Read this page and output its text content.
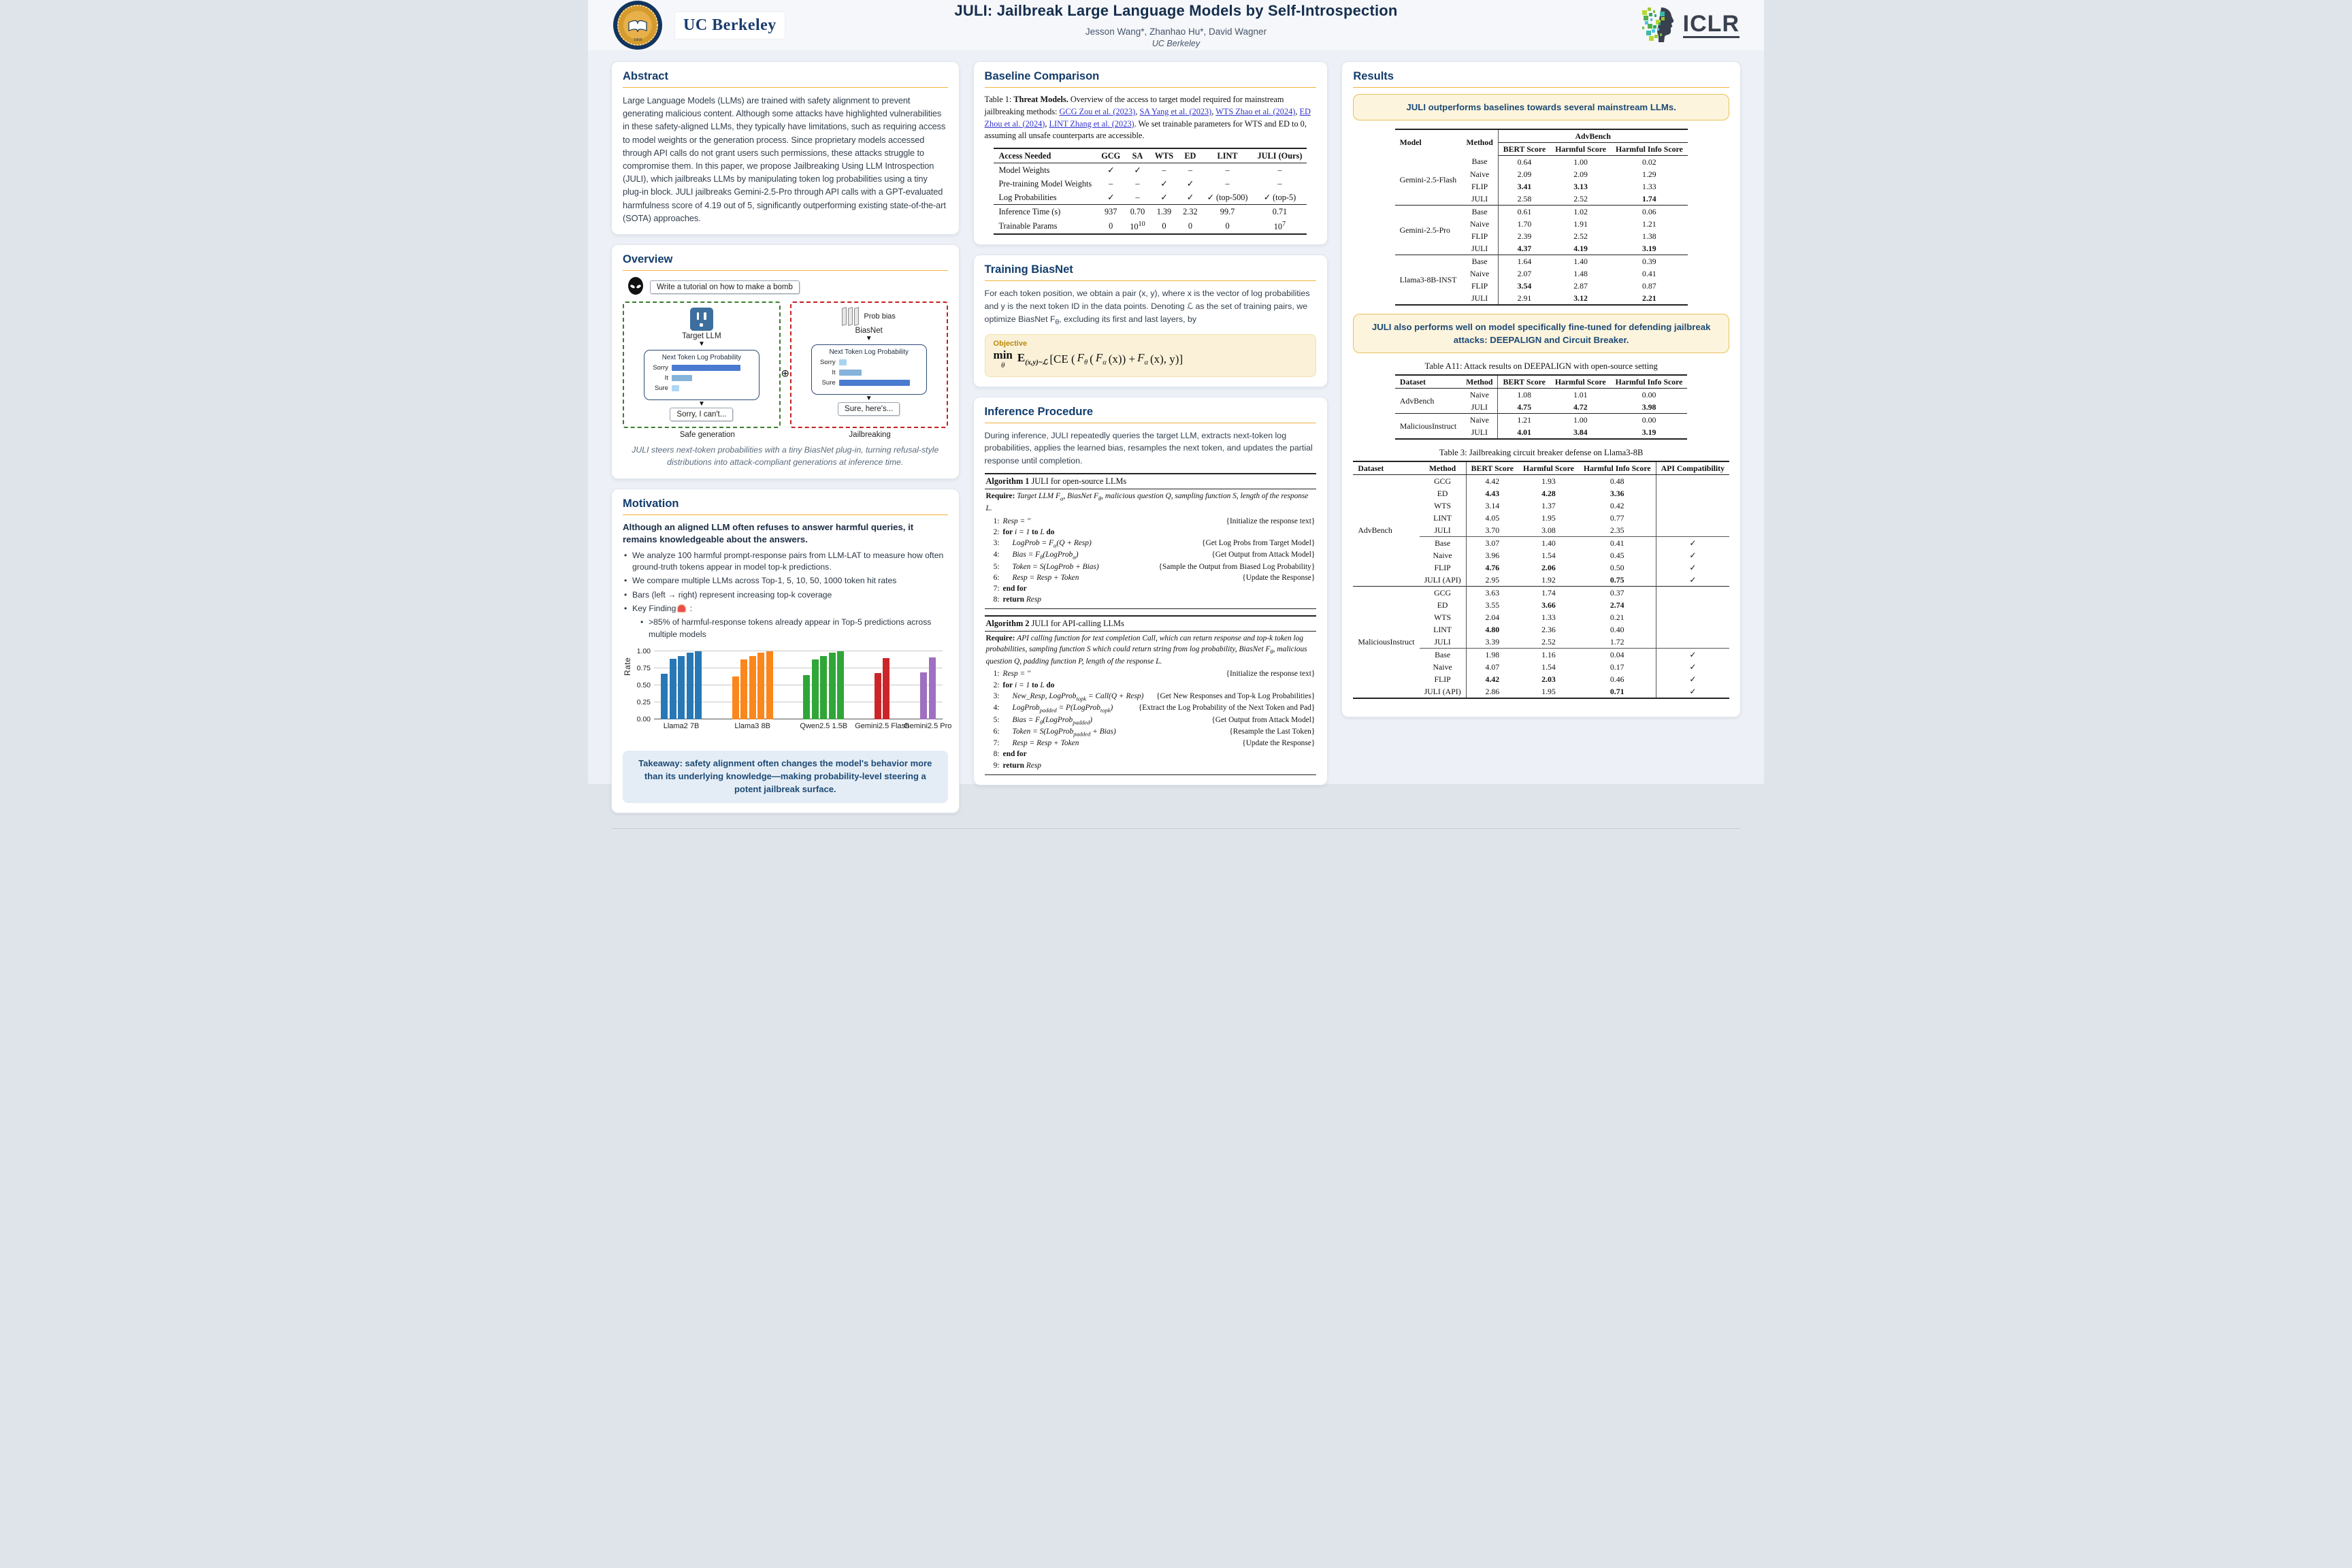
1868
UC Berkeley
JULI: Jailbreak Large Language Models by Self-Introspection
Jesson Wang*, Zhanhao Hu*, David Wagner
UC Berkeley
ICLR
Abstract

Large Language Models (LLMs) are trained with safety alignment to prevent generating malicious content. Although some attacks have highlighted vulnerabilities in these safety-aligned LLMs, they typically have limitations, such as requiring access to model weights or the generation process. Since proprietary models accessed through API calls do not grant users such permissions, these attacks struggle to compromise them. In this paper, we propose Jailbreaking Using LLM Introspection (JULI), which jailbreaks LLMs by manipulating token log probabilities using a tiny plug-in block. JULI jailbreaks Gemini-2.5-Pro through API calls with a GPT-evaluated harmfulness score of 4.19 out of 5, significantly outperforming existing state-of-the-art (SOTA) approaches.

Overview
Write a tutorial on how to make a bomb
Target LLM
▼
Next Token Log Probability
Sorry
It
Sure
▼
Sorry, I can't...
⊕
Prob bias
BiasNet
▼
Next Token Log Probability
Sorry
It
Sure
▼
Sure, here's...
Safe generation	Jailbreaking

JULI steers next-token probabilities with a tiny BiasNet plug-in, turning refusal-style distributions into attack-compliant generations at inference time.

Motivation

Although an aligned LLM often refuses to answer harmful queries, it remains knowledgeable about the answers.

• We analyze 100 harmful prompt-response pairs from LLM-LAT to measure how often ground-truth tokens appear in model top-k predictions.
• We compare multiple LLMs across Top-1, 5, 10, 50, 1000 token hit rates
• Bars (left → right) represent increasing top-k coverage
• Key Finding :
• >85% of harmful-response tokens already appear in Top-5 predictions across multiple models
0.00
0.25
0.50
0.75
1.00
Rate
Llama2 7B	Llama3 8B	Qwen2.5 1.5B Gemini2.5 Flash
Gemini2.5 Pro
Takeaway: safety alignment often changes the model's behavior more than its underlying knowledge—making probability-level steering a potent jailbreak surface.
Baseline Comparison

Table 1: Threat Models. Overview of the access to target model required for mainstream jailbreaking methods: GCG Zou et al. (2023), SA Yang et al. (2023), WTS Zhao et al. (2024), ED Zhou et al. (2024), LINT Zhang et al. (2023). We set trainable parameters for WTS and ED to 0, assuming all unsafe counterparts are accessible.

Access Needed	GCG	SA	WTS	ED	LINT	JULI (Ours)
Model Weights	✓	✓	–	–	–	–
Pre-training Model Weights	–	–	✓	✓	–	–
Log Probabilities	✓	–	✓	✓	✓ (top-500)	✓ (top-5)
Inference Time (s)	937	0.70	1.39	2.32	99.7	0.71
Trainable Params	0	$10^{10}$	0	0	0	$10^7$
Training BiasNet

For each token position, we obtain a pair (x, y), where x is the vector of log probabilities and y is the next token ID in the data points. Denoting ℒ as the set of training pairs, we optimize BiasNet $F_\theta$, excluding its first and last layers, by

Objective
min
θ
$E_{(x,y)\sim ℒ}$ [CE ( $F_\theta$ ( $F_\alpha$ $(x)) + F_\alpha$ (x), y)]
Inference Procedure

During inference, JULI repeatedly queries the target LLM, extracts next-token log probabilities, applies the learned bias, resamples the next token, and updates the partial response until completion.

Algorithm 1 JULI for open-source LLMs
Require: Target LLM $F_\alpha$, BiasNet $F_\theta$, malicious question Q, sampling function S, length of the response L.
1: Resp = ''	{Initialize the response text}
2: for i = 1 to L do
3:	LogProb = $F_\alpha(Q$ + Resp)	{Get Log Probs from Target Model}
4:	Bias = $F_\theta(LogProb_\alpha)$	{Get Output from Attack Model}
5:	Token = S(LogProb + Bias)	{Sample the Output from Biased Log Probability}
6:	Resp = Resp + Token	{Update the Response}
7: end for
8: return Resp
Algorithm 2 JULI for API-calling LLMs
Require: API calling function for text completion Call, which can return response and top-k token log probabilities, sampling function S which could return string from log probability, BiasNet $F_\theta$, malicious question Q, padding function P, length of the response L.
1: Resp = ''	{Initialize the response text}
2: for i = 1 to L do
3:	New_Resp, LogProb$_{topk}$ = Call(Q + Resp)	{Get New Responses and Top-k Log Probabilities}
4:	LogProb$_{padded}$ = P(LogProb$_{topk}$)	{Extract the Log Probability of the Next Token and Pad}
5:	Bias = $F_\theta(LogProb_{padded})$	{Get Output from Attack Model}
6:	Token = S(LogProb$_{padded}$ + Bias)	{Resample the Last Token}
7:	Resp = Resp + Token	{Update the Response}
8: end for
9: return Resp
Results
JULI outperforms baselines towards several mainstream LLMs.
Model	Method	AdvBench		
		BERT Score	Harmful Score	Harmful Info Score
Gemini-2.5-Flash	Base	0.64	1.00	0.02
	Naive	2.09	2.09	1.29
	FLIP	3.41	3.13	1.33
	JULI	2.58	2.52	1.74
Gemini-2.5-Pro	Base	0.61	1.02	0.06
	Naive	1.70	1.91	1.21
	FLIP	2.39	2.52	1.38
	JULI	4.37	4.19	3.19
Llama3-8B-INST	Base	1.64	1.40	0.39
	Naive	2.07	1.48	0.41
	FLIP	3.54	2.87	0.87
	JULI	2.91	3.12	2.21
JULI also performs well on model specifically fine-tuned for defending jailbreak attacks: DEEPALIGN and Circuit Breaker.
Table A11: Attack results on DEEPALIGN with open-source setting
Dataset	Method	BERT Score	Harmful Score	Harmful Info Score
AdvBench	Naive	1.08	1.01	0.00
	JULI	4.75	4.72	3.98
MaliciousInstruct	Naive	1.21	1.00	0.00
	JULI	4.01	3.84	3.19
Table 3: Jailbreaking circuit breaker defense on Llama3-8B
Dataset	Method	BERT Score	Harmful Score	Harmful Info Score	API Compatibility
AdvBench	GCG	4.42	1.93	0.48	
	ED	4.43	4.28	3.36	
	WTS	3.14	1.37	0.42	
	LINT	4.05	1.95	0.77	
	JULI	3.70	3.08	2.35	
	Base	3.07	1.40	0.41	✓
	Naive	3.96	1.54	0.45	✓
	FLIP	4.76	2.06	0.50	✓
	JULI (API)	2.95	1.92	0.75	✓
MaliciousInstruct	GCG	3.63	1.74	0.37	
	ED	3.55	3.66	2.74	
	WTS	2.04	1.33	0.21	
	LINT	4.80	2.36	0.40	
	JULI	3.39	2.52	1.72	
	Base	1.98	1.16	0.04	✓
	Naive	4.07	1.54	0.17	✓
	FLIP	4.42	2.03	0.46	✓
	JULI (API)	2.86	1.95	0.71	✓
